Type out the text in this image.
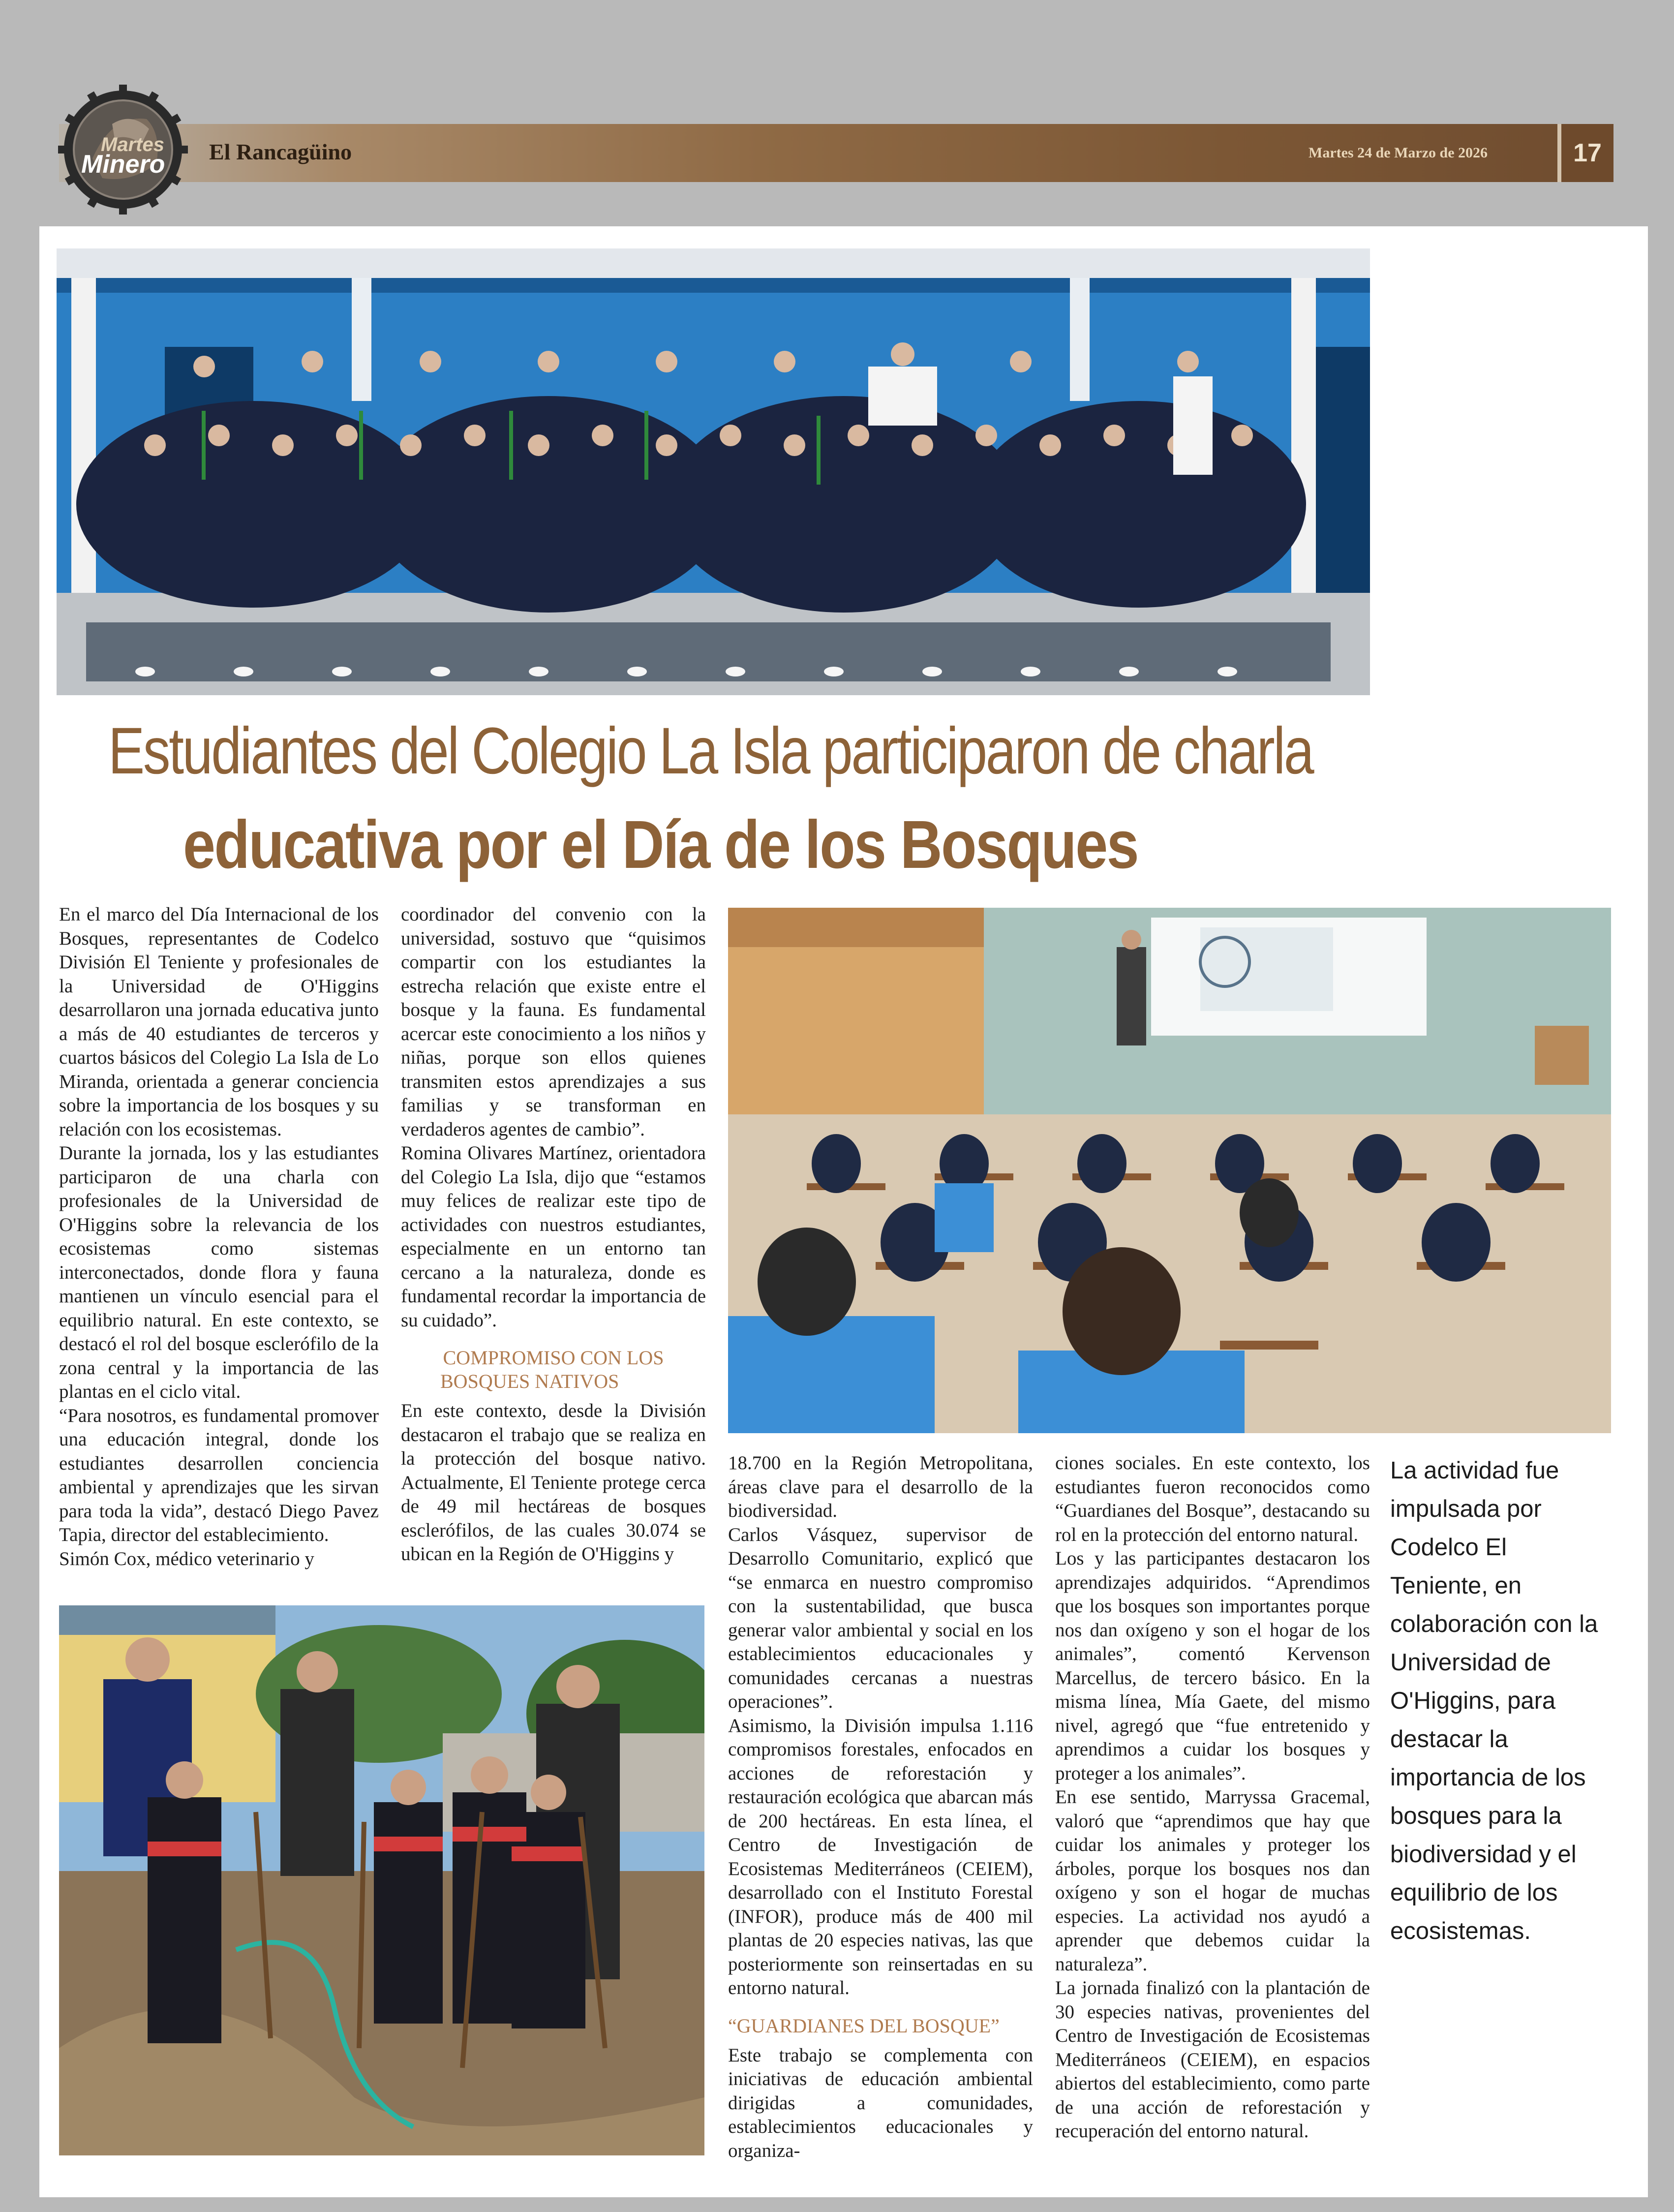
17
El Rancagüino	Martes 24 de Marzo de 2026
Martes
Minero
Estudiantes del Colegio La Isla participaron de charla
educativa por el Día de los Bosques

En el marco del Día Internacional de los Bosques, representantes de Codelco División El Teniente y profesionales de la Universidad de O'Higgins desarrollaron una jornada educativa junto a más de 40 estudiantes de terceros y cuartos básicos del Colegio La Isla de Lo Miranda, orientada a generar conciencia sobre la importancia de los bosques y su relación con los ecosistemas.

Durante la jornada, los y las estudiantes participaron de una charla con profesionales de la Universidad de O'Higgins sobre la relevancia de los ecosistemas como sistemas interconectados, donde flora y fauna mantienen un vínculo esencial para el equilibrio natural. En este contexto, se destacó el rol del bosque esclerófilo de la zona central y la importancia de las plantas en el ciclo vital.

“Para nosotros, es fundamental promover una educación integral, donde los estudiantes desarrollen conciencia ambiental y aprendizajes que les sirvan para toda la vida”, destacó Diego Pavez Tapia, director del establecimiento.

Simón Cox, médico veterinario y

coordinador del convenio con la universidad, sostuvo que “quisimos compartir con los estudiantes la estrecha relación que existe entre el bosque y la fauna. Es fundamental acercar este conocimiento a los niños y niñas, porque son ellos quienes transmiten estos aprendizajes a sus familias y se transforman en verdaderos agentes de cambio”.

Romina Olivares Martínez, orientadora del Colegio La Isla, dijo que “estamos muy felices de realizar este tipo de actividades con nuestros estudiantes, especialmente en un entorno tan cercano a la naturaleza, donde es fundamental recordar la importancia de su cuidado”.

COMPROMISO CON LOS BOSQUES NATIVOS

En este contexto, desde la División destacaron el trabajo que se realiza en la protección del bosque nativo. Actualmente, El Teniente protege cerca de 49 mil hectáreas de bosques esclerófilos, de las cuales 30.074 se ubican en la Región de O'Higgins y

18.700 en la Región Metropolitana, áreas clave para el desarrollo de la biodiversidad.

Carlos Vásquez, supervisor de Desarrollo Comunitario, explicó que “se enmarca en nuestro compromiso con la sustentabilidad, que busca generar valor ambiental y social en los establecimientos educacionales y comunidades cercanas a nuestras operaciones”.

Asimismo, la División impulsa 1.116 compromisos forestales, enfocados en acciones de reforestación y restauración ecológica que abarcan más de 200 hectáreas. En esta línea, el Centro de Investigación de Ecosistemas Mediterráneos (CEIEM), desarrollado con el Instituto Forestal (INFOR), produce más de 400 mil plantas de 20 especies nativas, las que posteriormente son reinsertadas en su entorno natural.

“GUARDIANES DEL BOSQUE”

Este trabajo se complementa con iniciativas de educación ambiental dirigidas a comunidades, establecimientos educacionales y organiza-

ciones sociales. En este contexto, los estudiantes fueron reconocidos como “Guardianes del Bosque”, destacando su rol en la protección del entorno natural.

Los y las participantes destacaron los aprendizajes adquiridos. “Aprendimos que los bosques son importantes porque nos dan oxígeno y son el hogar de los animales”, comentó Kervenson Marcellus, de tercero básico. En la misma línea, Mía Gaete, del mismo nivel, agregó que “fue entretenido y aprendimos a cuidar los bosques y proteger a los animales”.

En ese sentido, Marryssa Gracemal, valoró que “aprendimos que hay que cuidar los animales y proteger los árboles, porque los bosques nos dan oxígeno y son el hogar de muchas especies. La actividad nos ayudó a aprender que debemos cuidar la naturaleza”.

La jornada finalizó con la plantación de 30 especies nativas, provenientes del Centro de Investigación de Ecosistemas Mediterráneos (CEIEM), en espacios abiertos del establecimiento, como parte de una acción de reforestación y recuperación del entorno natural.

La actividad fue impulsada por Codelco El Teniente, en colaboración con la Universidad de O'Higgins, para destacar la importancia de los bosques para la biodiversidad y el equilibrio de los ecosistemas.
